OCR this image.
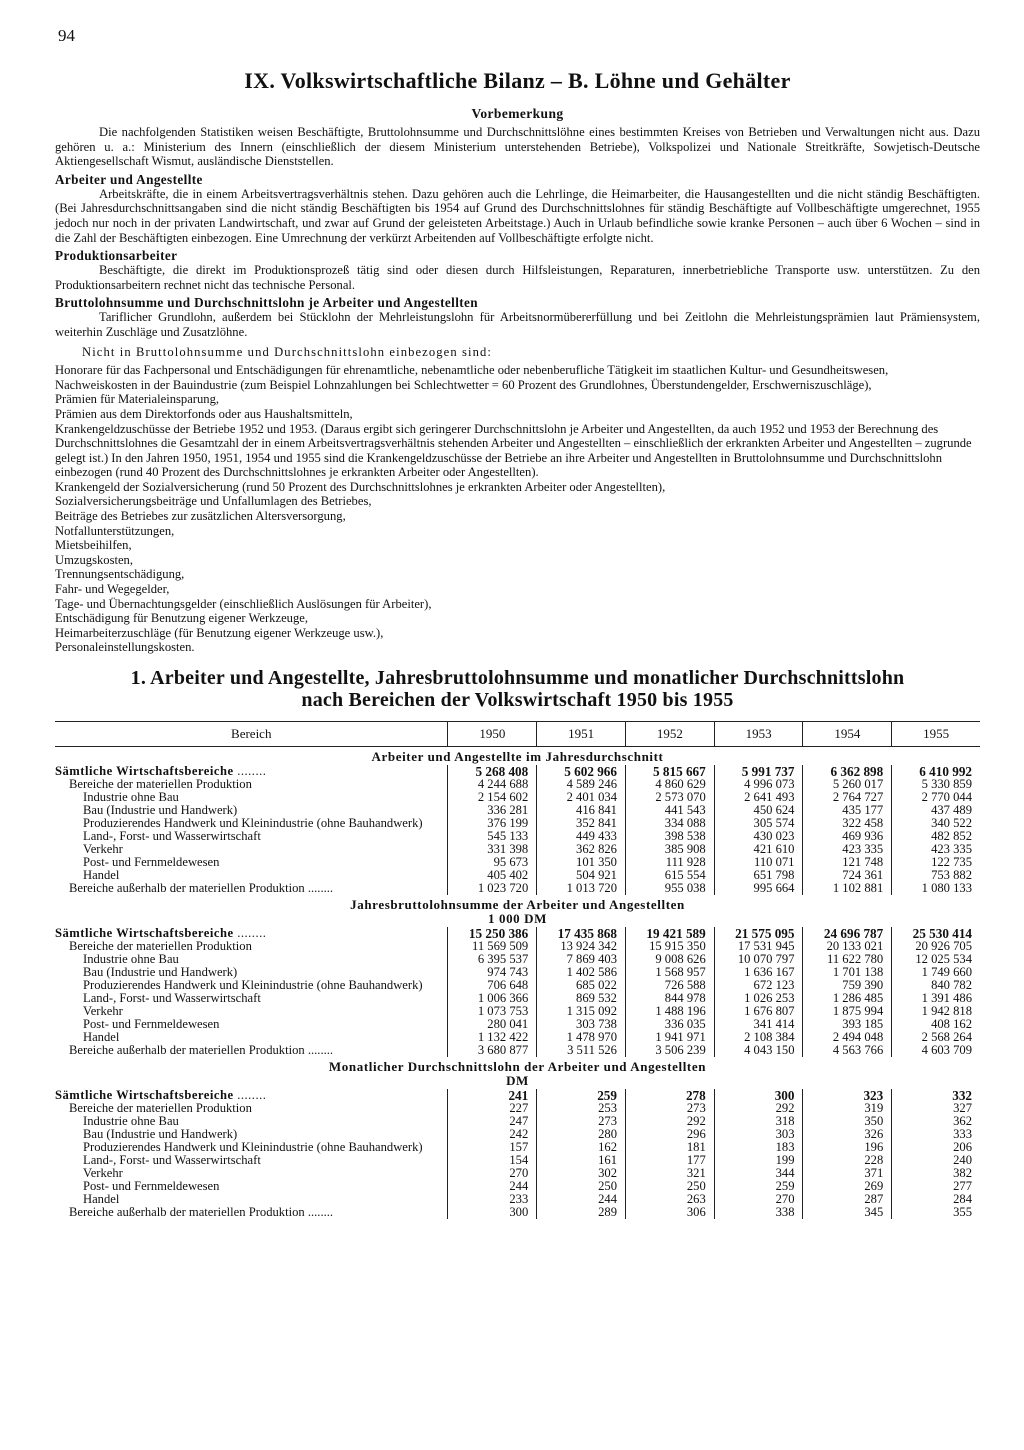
94
IX. Volkswirtschaftliche Bilanz – B. Löhne und Gehälter
Vorbemerkung

Die nachfolgenden Statistiken weisen Beschäftigte, Bruttolohnsumme und Durchschnittslöhne eines bestimmten Kreises von Betrieben und Verwaltungen nicht aus. Dazu gehören u. a.: Ministerium des Innern (einschließlich der diesem Ministerium unterstehenden Betriebe), Volkspolizei und Nationale Streitkräfte, Sowjetisch-Deutsche Aktiengesellschaft Wismut, ausländische Dienststellen.

Arbeiter und Angestellte

Arbeitskräfte, die in einem Arbeitsvertragsverhältnis stehen. Dazu gehören auch die Lehrlinge, die Heimarbeiter, die Hausangestellten und die nicht ständig Beschäftigten. (Bei Jahresdurchschnittsangaben sind die nicht ständig Beschäftigten bis 1954 auf Grund des Durchschnittslohnes für ständig Beschäftigte auf Vollbeschäftigte umgerechnet, 1955 jedoch nur noch in der privaten Landwirtschaft, und zwar auf Grund der geleisteten Arbeitstage.) Auch in Urlaub befindliche sowie kranke Personen – auch über 6 Wochen – sind in die Zahl der Beschäftigten einbezogen. Eine Umrechnung der verkürzt Arbeitenden auf Vollbeschäftigte erfolgte nicht.

Produktionsarbeiter

Beschäftigte, die direkt im Produktionsprozeß tätig sind oder diesen durch Hilfsleistungen, Reparaturen, innerbetriebliche Transporte usw. unterstützen. Zu den Produktionsarbeitern rechnet nicht das technische Personal.

Bruttolohnsumme und Durchschnittslohn je Arbeiter und Angestellten

Tariflicher Grundlohn, außerdem bei Stücklohn der Mehrleistungslohn für Arbeitsnormübererfüllung und bei Zeitlohn die Mehrleistungsprämien laut Prämiensystem, weiterhin Zuschläge und Zusatzlöhne.

Nicht in Bruttolohnsumme und Durchschnittslohn einbezogen sind:

Honorare für das Fachpersonal und Entschädigungen für ehrenamtliche, nebenamtliche oder nebenberufliche Tätigkeit im staatlichen Kultur- und Gesundheitswesen,

Nachweiskosten in der Bauindustrie (zum Beispiel Lohnzahlungen bei Schlechtwetter = 60 Prozent des Grundlohnes, Überstundengelder, Erschwerniszuschläge),

Prämien für Materialeinsparung,

Prämien aus dem Direktorfonds oder aus Haushaltsmitteln,

Krankengeldzuschüsse der Betriebe 1952 und 1953. (Daraus ergibt sich geringerer Durchschnittslohn je Arbeiter und Angestellten, da auch 1952 und 1953 der Berechnung des Durchschnittslohnes die Gesamtzahl der in einem Arbeitsvertragsverhältnis stehenden Arbeiter und Angestellten – einschließlich der erkrankten Arbeiter und Angestellten – zugrunde gelegt ist.) In den Jahren 1950, 1951, 1954 und 1955 sind die Krankengeldzuschüsse der Betriebe an ihre Arbeiter und Angestellten in Bruttolohnsumme und Durchschnittslohn einbezogen (rund 40 Prozent des Durchschnittslohnes je erkrankten Arbeiter oder Angestellten).

Krankengeld der Sozialversicherung (rund 50 Prozent des Durchschnittslohnes je erkrankten Arbeiter oder Angestellten),

Sozialversicherungsbeiträge und Unfallumlagen des Betriebes,

Beiträge des Betriebes zur zusätzlichen Altersversorgung,

Notfallunterstützungen,

Mietsbeihilfen,

Umzugskosten,

Trennungsentschädigung,

Fahr- und Wegegelder,

Tage- und Übernachtungsgelder (einschließlich Auslösungen für Arbeiter),

Entschädigung für Benutzung eigener Werkzeuge,

Heimarbeiterzuschläge (für Benutzung eigener Werkzeuge usw.),

Personaleinstellungskosten.

1. Arbeiter und Angestellte, Jahresbruttolohnsumme und monatlicher Durchschnittslohn
nach Bereichen der Volkswirtschaft 1950 bis 1955
Bereich	1950	1951	1952	1953	1954	1955

Arbeiter und Angestellte im Jahresdurchschnitt						

Sämtliche Wirtschaftsbereiche .....	5 268 408	5 602 966	5 815 667	5 991 737	6 362 898	6 410 992
Bereiche der materiellen Produktion	4 244 688	4 589 246	4 860 629	4 996 073	5 260 017	5 330 859
Industrie ohne Bau	2 154 602	2 401 034	2 573 070	2 641 493	2 764 727	2 770 044
Bau (Industrie und Handwerk)	336 281	416 841	441 543	450 624	435 177	437 489
Produzierendes Handwerk und Kleinindustrie (ohne Bauhandwerk)	376 199	352 841	334 088	305 574	322 458	340 522
Land-, Forst- und Wasserwirtschaft	545 133	449 433	398 538	430 023	469 936	482 852
Verkehr	331 398	362 826	385 908	421 610	423 335	423 335
Post- und Fernmeldewesen	95 673	101 350	111 928	110 071	121 748	122 735
Handel	405 402	504 921	615 554	651 798	724 361	753 882
Bereiche außerhalb der materiellen Produktion .....	1 023 720	1 013 720	955 038	995 664	1 102 881	1 080 133

Jahresbruttolohnsumme der Arbeiter und Angestellten
1 000 DM						

Sämtliche Wirtschaftsbereiche .....	15 250 386	17 435 868	19 421 589	21 575 095	24 696 787	25 530 414
Bereiche der materiellen Produktion	11 569 509	13 924 342	15 915 350	17 531 945	20 133 021	20 926 705
Industrie ohne Bau	6 395 537	7 869 403	9 008 626	10 070 797	11 622 780	12 025 534
Bau (Industrie und Handwerk)	974 743	1 402 586	1 568 957	1 636 167	1 701 138	1 749 660
Produzierendes Handwerk und Kleinindustrie (ohne Bauhandwerk)	706 648	685 022	726 588	672 123	759 390	840 782
Land-, Forst- und Wasserwirtschaft	1 006 366	869 532	844 978	1 026 253	1 286 485	1 391 486
Verkehr	1 073 753	1 315 092	1 488 196	1 676 807	1 875 994	1 942 818
Post- und Fernmeldewesen	280 041	303 738	336 035	341 414	393 185	408 162
Handel	1 132 422	1 478 970	1 941 971	2 108 384	2 494 048	2 568 264
Bereiche außerhalb der materiellen Produktion .....	3 680 877	3 511 526	3 506 239	4 043 150	4 563 766	4 603 709

Monatlicher Durchschnittslohn der Arbeiter und Angestellten
DM						

Sämtliche Wirtschaftsbereiche .....	241	259	278	300	323	332
Bereiche der materiellen Produktion	227	253	273	292	319	327
Industrie ohne Bau	247	273	292	318	350	362
Bau (Industrie und Handwerk)	242	280	296	303	326	333
Produzierendes Handwerk und Kleinindustrie (ohne Bauhandwerk)	157	162	181	183	196	206
Land-, Forst- und Wasserwirtschaft	154	161	177	199	228	240
Verkehr	270	302	321	344	371	382
Post- und Fernmeldewesen	244	250	250	259	269	277
Handel	233	244	263	270	287	284
Bereiche außerhalb der materiellen Produktion .....	300	289	306	338	345	355
